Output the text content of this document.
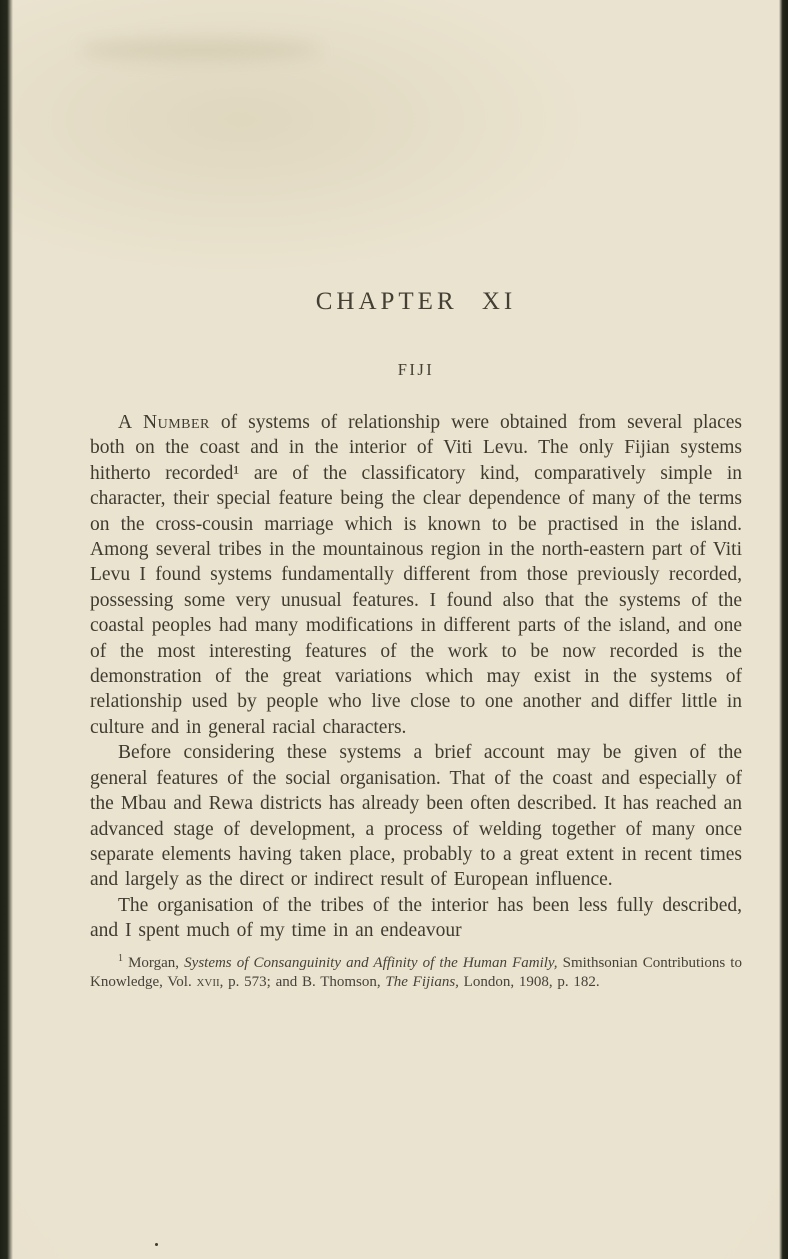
CHAPTER XI
FIJI

A Number of systems of relationship were obtained from several places both on the coast and in the interior of Viti Levu. The only Fijian systems hitherto recorded¹ are of the classificatory kind, comparatively simple in character, their special feature being the clear dependence of many of the terms on the cross-cousin marriage which is known to be practised in the island. Among several tribes in the mountainous region in the north-eastern part of Viti Levu I found systems fundamentally different from those previously recorded, possessing some very unusual features. I found also that the systems of the coastal peoples had many modifications in different parts of the island, and one of the most interesting features of the work to be now recorded is the demonstration of the great variations which may exist in the systems of relationship used by people who live close to one another and differ little in culture and in general racial characters.

Before considering these systems a brief account may be given of the general features of the social organisation. That of the coast and especially of the Mbau and Rewa districts has already been often described. It has reached an advanced stage of development, a process of welding together of many once separate elements having taken place, probably to a great extent in recent times and largely as the direct or indirect result of European influence.

The organisation of the tribes of the interior has been less fully described, and I spent much of my time in an endeavour

$^1$ Morgan, Systems of Consanguinity and Affinity of the Human Family, Smithsonian Contributions to Knowledge, Vol. xvii, p. 573; and B. Thomson, The Fijians, London, 1908, p. 182.
